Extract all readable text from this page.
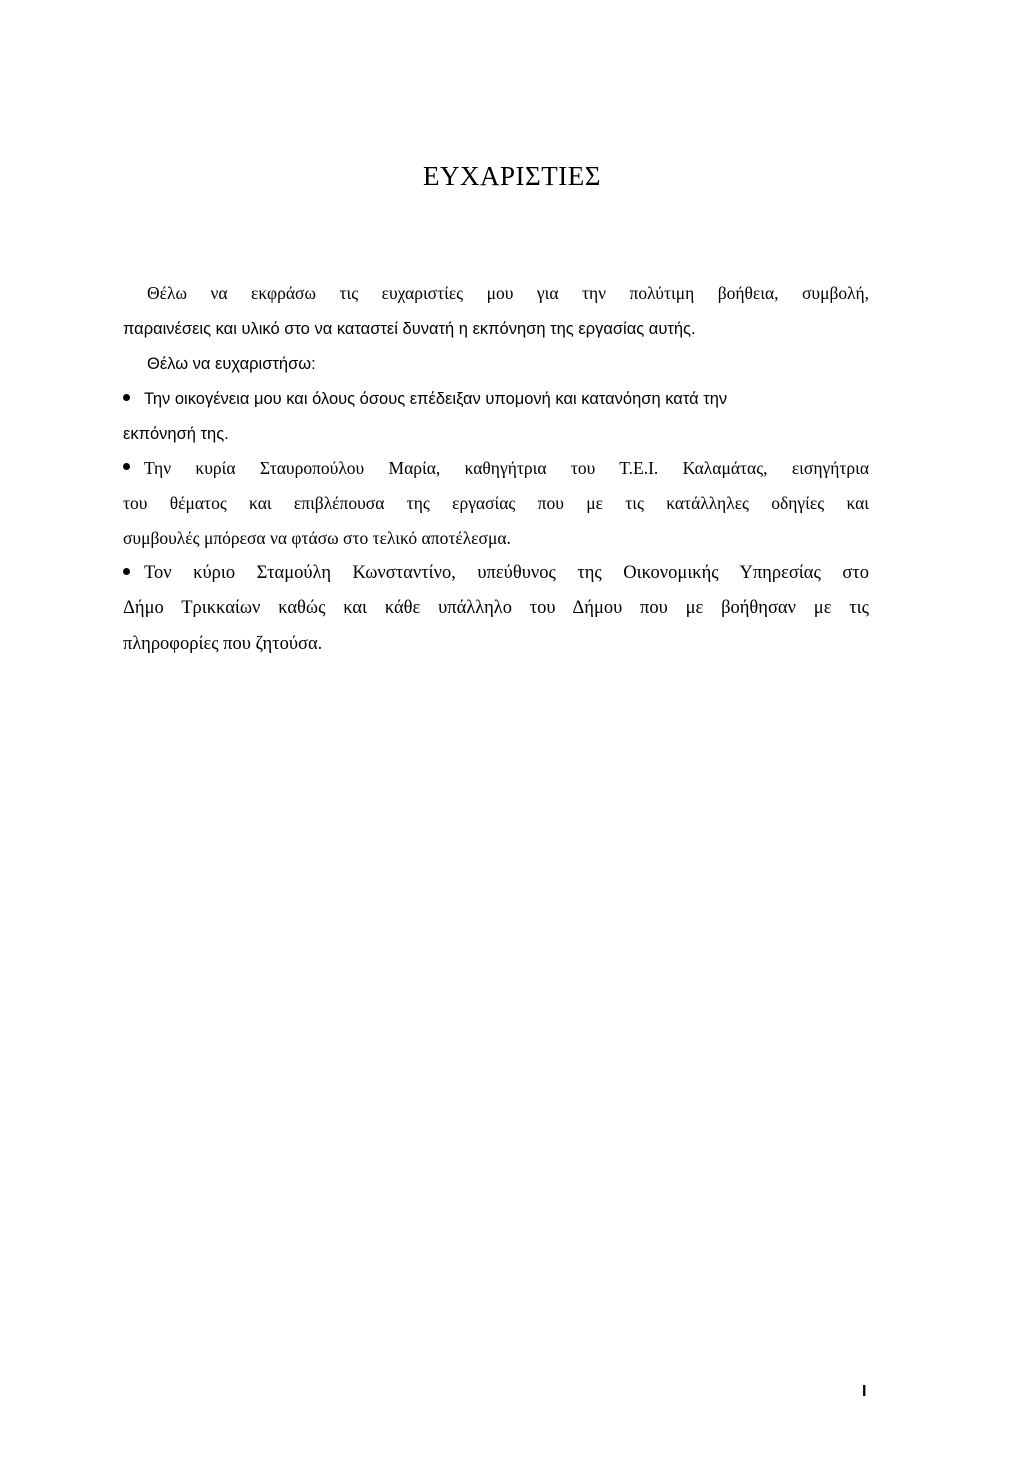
ΕΥΧΑΡΙΣΤΙΕΣ
Θέλω να εκφράσω τις ευχαριστίες μου για την πολύτιμη βοήθεια, συμβολή,
παραινέσεις και υλικό στο να καταστεί δυνατή η εκπόνηση της εργασίας αυτής.
Θέλω να ευχαριστήσω:
Την οικογένεια μου και όλους όσους επέδειξαν υπομονή και κατανόηση κατά την
εκπόνησή της.
Την κυρία Σταυροπούλου Μαρία, καθηγήτρια του Τ.Ε.Ι. Καλαμάτας, εισηγήτρια
του θέματος και επιβλέπουσα της εργασίας που με τις κατάλληλες οδηγίες και
συμβουλές μπόρεσα να φτάσω στο τελικό αποτέλεσμα.
Τον κύριο Σταμούλη Κωνσταντίνο, υπεύθυνος της Οικονομικής Υπηρεσίας στο
Δήμο Τρικκαίων καθώς και κάθε υπάλληλο του Δήμου που με βοήθησαν με τις
πληροφορίες που ζητούσα.
I
